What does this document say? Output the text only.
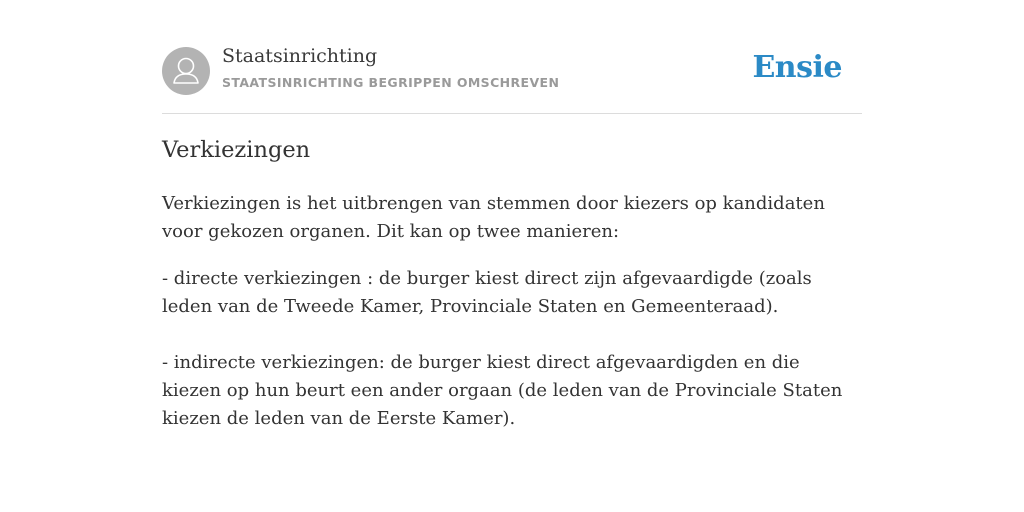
Staatsinrichting
STAATSINRICHTING BEGRIPPEN OMSCHREVEN	Ensie
Verkiezingen

Verkiezingen is het uitbrengen van stemmen door kiezers op kandidaten voor gekozen organen. Dit kan op twee manieren:

- directe verkiezingen : de burger kiest direct zijn afgevaardigde (zoals leden van de Tweede Kamer, Provinciale Staten en Gemeenteraad).

- indirecte verkiezingen: de burger kiest direct afgevaardigden en die kiezen op hun beurt een ander orgaan (de leden van de Provinciale Staten kiezen de leden van de Eerste Kamer).
